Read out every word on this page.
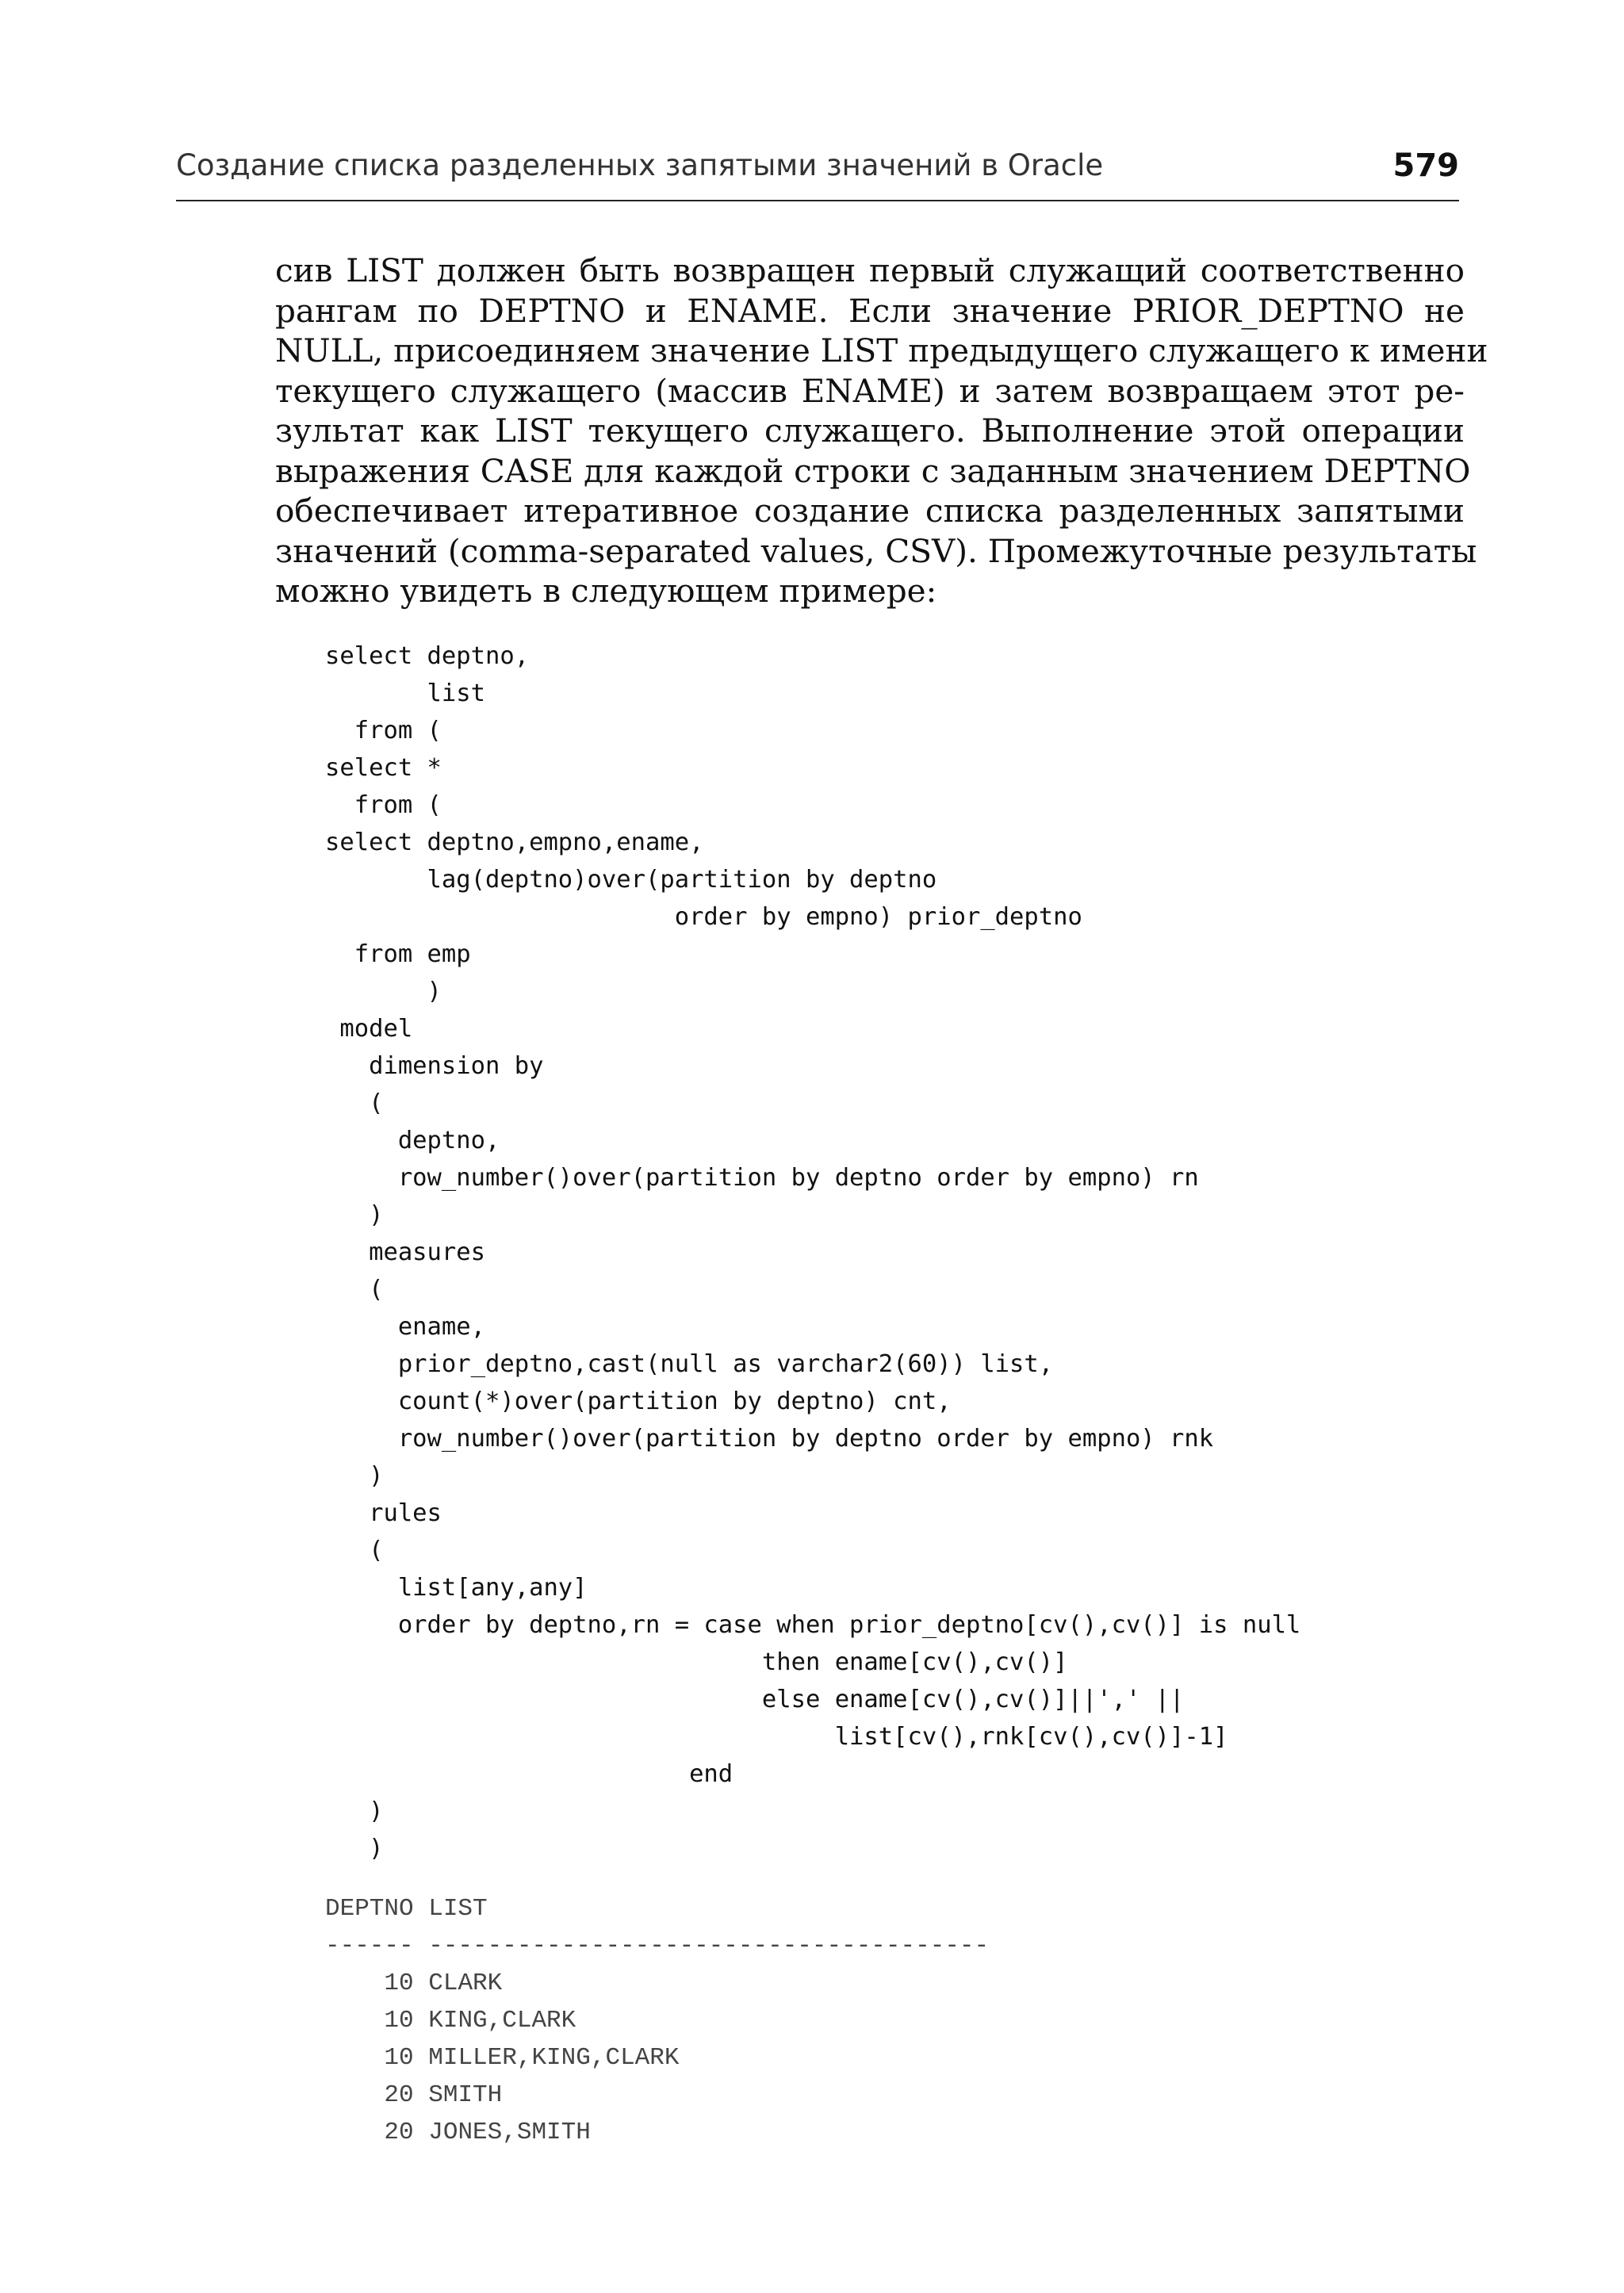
Создание списка разделенных запятыми значений в Oracle	579
сив LIST должен быть возвращен первый служащий соответственно
рангам по DEPTNO и ENAME. Если значение PRIOR_DEPTNO не
NULL, присоединяем значение LIST предыдущего служащего к имени
текущего служащего (массив ENAME) и затем возвращаем этот ре-
зультат как LIST текущего служащего. Выполнение этой операции
выражения CASE для каждой строки с заданным значением DEPTNO
обеспечивает итеративное создание списка разделенных запятыми
значений (comma-separated values, CSV). Промежуточные результаты
можно увидеть в следующем примере:
select deptno,
list
from (
select *
from (
select deptno,empno,ename,
lag(deptno)over(partition by deptno
order by empno) prior_deptno
from emp
)
model
dimension by
(
deptno,
row_number()over(partition by deptno order by empno) rn
)
measures
(
ename,
prior_deptno,cast(null as varchar2(60)) list,
count(*)over(partition by deptno) cnt,
row_number()over(partition by deptno order by empno) rnk
)
rules
(
list[any,any]
order by deptno,rn = case when prior_deptno[cv(),cv()] is null
then ename[cv(),cv()]
else ename[cv(),cv()]||',' ||
list[cv(),rnk[cv(),cv()]-1]
end
)
)
DEPTNO LIST
------ --------------------------------------
10 CLARK
10 KING,CLARK
10 MILLER,KING,CLARK
20 SMITH
20 JONES,SMITH
